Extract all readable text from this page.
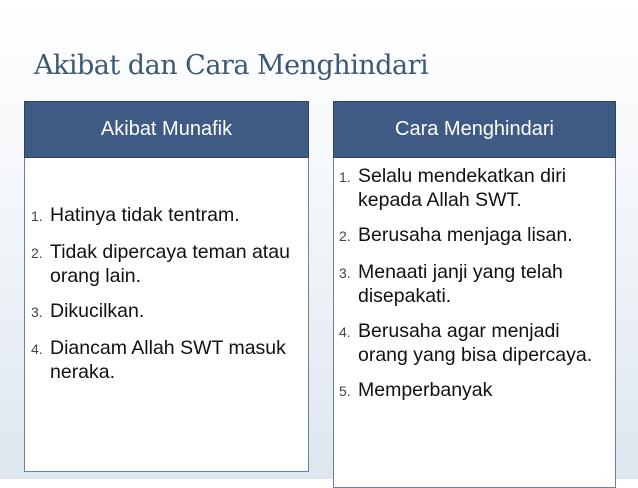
Akibat dan Cara Menghindari
Akibat Munafik
1. Hatinya tidak tentram.
2. Tidak dipercaya teman atau orang lain.
3. Dikucilkan.
4. Diancam Allah SWT masuk neraka.
Cara Menghindari
1. Selalu mendekatkan diri kepada Allah SWT.
2. Berusaha menjaga lisan.
3. Menaati janji yang telah disepakati.
4. Berusaha agar menjadi orang yang bisa dipercaya.
5. Memperbanyak
